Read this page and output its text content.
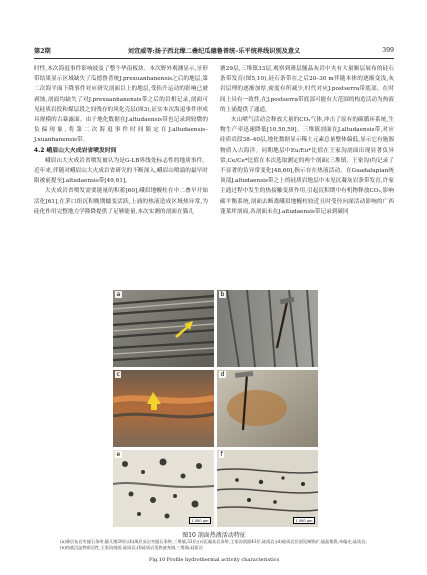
第2期	刘宜威等:扬子西北缘二叠纪瓜德鲁普统–乐平统界线识别及意义	399

时性,本次海退事件影响波及了整个华南板块。本次野外观测显示,牙形带结果显示区域缺失了瓜德鲁普统J.prexuanhanensis之后的地层,第二次海平面下降事件对应研究剖面以上的地层,受抬升运动的影响已被剥蚀,剖面均缺失了对J.prexuanhanensis带之后的岩相记录,剖面可见硅质岩段和煤层段之间残存的风化壳层(图3),证实本次海退事件形成具规模的古暴露面。由于地化数据在J.altudaensis带也记录到较微的负偏现象,将第二次海退事件时间限定在J.altudaensis–J.xuanhanensis带。

4.2 峨眉山大火成岩省喷发时间

峨眉山大火成岩省喷发被认为是G-LB界线处标志性的地质事件。近年来,伴随对峨眉山大火成岩省研究的不断深入,峨眉山喷溢的最早时限被前提至J.altudaensis带[49,61]。

大火成岩省喷发需要能量的积蓄[60],峨眉地幔柱在中二叠早开始活化[61],在茅口组沉积晚期蠕变活跃,上涌的热液造成区域热异常,为硅化作用完整地力学隆降提供了足够能量,本次实测的剖面在猫儿

塘29层,三堆镇33层,观察到薄层燧晶灰岩中夹有大量顺层展布的硅石条带发育(图5,10),硅石条带在之后20–30 m伴随本体的逐渐变浅,灰岩层理的逐渐加厚,密度有所减少,时代对应J.postserra带底部。在时间上具有一致性,在J.postserra带底部可能有大范围的构造活动为热液的上涌提供了通道。

火山喷气活动会释放大量的CO₂气体,冲击了原有的碳循环系统,生物生产率迅速降低[10,50,59]。三堆镇剖面在J.altudaensis带,对应硅质岩段38–40层,地化数据显示稀土元素总量整体偏低,显示它有施源物质入古海洋。同期地层中Eu/Eu*比值在王家沟剖面出现显著负异常,Ce/Ce*比值在本次选取测定的两个剖面(三堆镇、王家沟)均记录了不显著的负异常变化[48,60],指示存在热液活动。在Guadalupian统顶部J.altudaensis带之上的硅质岩地层中未见沉凝灰岩条带发育,许家主通过程中发生的热接触变质作用,引起沉积期中有机物释放CO₂,影响碳平衡系统,剖面去断离峨眉地幔柱较近且时受径向深活动影响的广西蓬莱坪剖面,各剖面未在J.altudaensis带记录到碳同

a	b
c	d
e
1 000 μm
f
1 000 μm
图10 剖面热液活动特征
(a)薄层灰岩夹燧石条带,猫儿塘29层;(b)薄层灰岩夹燧石条带,三堆镇,33层;(c)沉凝灰岩条带,王家沟剖面43层,硅质岩;(d)硅质岩层面见褐铁矿,燧晶集簇,单偏光,硅质岩;(e)热液沉淀物质岩性,王家沟剖面,硅质岩;(f)硅质岩见热液充填,三堆镇,硅质岩
Fig.10 Profile hydrothermal activity characteristics
